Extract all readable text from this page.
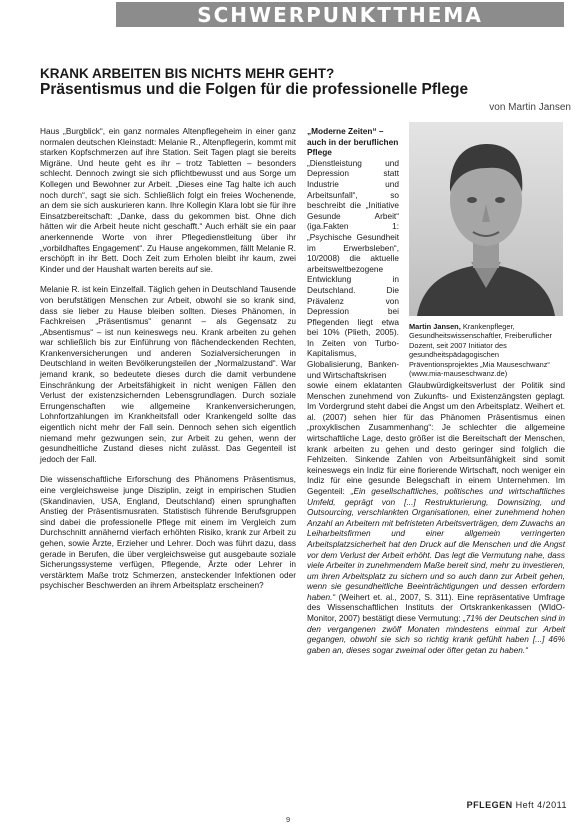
SCHWERPUNKTTHEMA
KRANK ARBEITEN BIS NICHTS MEHR GEHT?
Präsentismus und die Folgen für die professionelle Pflege
von Martin Jansen

Haus „Burgblick“, ein ganz normales Altenpflegeheim in einer ganz normalen deutschen Kleinstadt: Melanie R., Altenpflegerin, kommt mit starken Kopfschmerzen auf ihre Station. Seit Tagen plagt sie bereits Migräne. Und heute geht es ihr – trotz Tabletten – besonders schlecht. Dennoch zwingt sie sich pflichtbewusst und aus Sorge um Kollegen und Bewohner zur Arbeit. „Dieses eine Tag halte ich auch noch durch“, sagt sie sich. Schließlich folgt ein freies Wochenende, an dem sie sich auskurieren kann. Ihre Kollegin Klara lobt sie für ihre Einsatzbereitschaft: „Danke, dass du gekommen bist. Ohne dich hätten wir die Arbeit heute nicht geschafft.“ Auch erhält sie ein paar anerkennende Worte von ihrer Pflegedienstleitung über ihr „vorbildhaftes Engagement“. Zu Hause angekommen, fällt Melanie R. erschöpft in ihr Bett. Doch Zeit zum Erholen bleibt ihr kaum, zwei Kinder und der Haushalt warten bereits auf sie.

Melanie R. ist kein Einzelfall. Täglich gehen in Deutschland Tausende von berufstätigen Menschen zur Arbeit, obwohl sie so krank sind, dass sie lieber zu Hause bleiben sollten. Dieses Phänomen, in Fachkreisen „Präsentismus“ genannt – als Gegensatz zu „Absentismus“ – ist nun keineswegs neu. Krank arbeiten zu gehen war schließlich bis zur Einführung von flächendeckenden Rechten, Krankenversicherungen und anderen Sozialversicherungen in Deutschland in weiten Bevölkerungsteilen der „Normalzustand“. War jemand krank, so bedeutete dieses durch die damit verbundene Einschränkung der Arbeitsfähigkeit in nicht wenigen Fällen den Verlust der existenzsichernden Lebensgrundlagen. Durch soziale Errungenschaften wie allgemeine Krankenversicherungen, Lohnfortzahlungen im Krankheitsfall oder Krankengeld sollte das eigentlich nicht mehr der Fall sein. Dennoch sehen sich eigentlich niemand mehr gezwungen sein, zur Arbeit zu gehen, wenn der gesundheitliche Zustand dieses nicht zulässt. Das Gegenteil ist jedoch der Fall.

Die wissenschaftliche Erforschung des Phänomens Präsentismus, eine vergleichsweise junge Disziplin, zeigt in empirischen Studien (Skandinavien, USA, England, Deutschland) einen sprunghaften Anstieg der Präsentismusraten. Statistisch führende Berufsgruppen sind dabei die professionelle Pflege mit einem im Vergleich zum Durchschnitt annähernd vierfach erhöhten Risiko, krank zur Arbeit zu gehen, sowie Ärzte, Erzieher und Lehrer. Doch was führt dazu, dass gerade in Berufen, die über vergleichsweise gut ausgebaute soziale Sicherungssysteme verfügen, Pflegende, Ärzte oder Lehrer in verstärktem Maße trotz Schmerzen, ansteckender Infektionen oder psychischer Beschwerden an ihrem Arbeitsplatz erscheinen?

„Moderne Zeiten“ – auch in der beruflichen Pflege

„Dienstleistung und Depression statt Industrie und Arbeitsunfall“, so beschreibt die „Initiative Gesunde Arbeit“ (iga.Fakten 1: „Psychische Gesundheit im Erwerbsleben“, 10/2008) die aktuelle arbeitsweltbezogene Entwicklung in Deutschland. Die Prävalenz von Depression bei Pflegenden liegt etwa bei 10% (Plieth, 2005). In Zeiten von Turbo-Kapitalismus, Globalisierung, Banken- und Wirtschaftskrisen

Martin Jansen, Krankenpfleger, Gesundheitswissenschaftler, Freiberuflicher Dozent, seit 2007 Initiator des gesundheitspädagogischen Präventionsprojektes „Mia Mauseschwanz“ (www.mia-mauseschwanz.de)

sowie einem eklatanten Glaubwürdigkeitsverlust der Politik sind Menschen zunehmend von Zukunfts- und Existenzängsten geplagt. Im Vordergrund steht dabei die Angst um den Arbeitsplatz. Weihert et. al. (2007) sehen hier für das Phänomen Präsentismus einen „proxyklischen Zusammenhang“: Je schlechter die allgemeine wirtschaftliche Lage, desto größer ist die Bereitschaft der Menschen, krank arbeiten zu gehen und desto geringer sind folglich die Fehlzeiten. Sinkende Zahlen von Arbeitsunfähigkeit sind somit keineswegs ein Indiz für eine florierende Wirtschaft, noch weniger ein Indiz für eine gesunde Belegschaft in einem Unternehmen. Im Gegenteil: „Ein gesellschaftliches, politisches und wirtschaftliches Umfeld, geprägt von [...] Restrukturierung, Downsizing, und Outsourcing, verschlankten Organisationen, einer zunehmend hohen Anzahl an Arbeitern mit befristeten Arbeitsverträgen, dem Zuwachs an Leiharbeitsfirmen und einer allgemein verringerten Arbeitsplatzsicherheit hat den Druck auf die Menschen und die Angst vor dem Verlust der Arbeit erhöht. Das legt die Vermutung nahe, dass viele Arbeiter in zunehmendem Maße bereit sind, mehr zu investieren, um ihren Arbeitsplatz zu sichern und so auch dann zur Arbeit gehen, wenn sie gesundheitliche Beeinträchtigungen und dessen erfordern haben.“ (Weihert et. al., 2007, S. 311). Eine repräsentative Umfrage des Wissenschaftlichen Instituts der Ortskrankenkassen (WIdO-Monitor, 2007) bestätigt diese Vermutung: „71% der Deutschen sind in den vergangenen zwölf Monaten mindestens einmal zur Arbeit gegangen, obwohl sie sich so richtig krank gefühlt haben [...] 46% gaben an, dieses sogar zweimal oder öfter getan zu haben.“

PFLEGEN Heft 4/2011
9
